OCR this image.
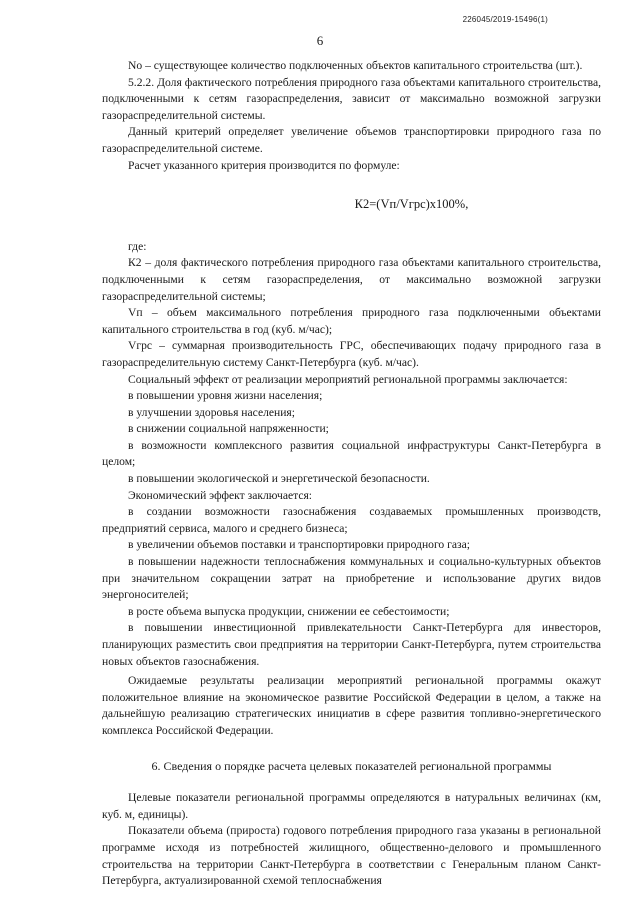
226045/2019-15496(1)
6

No – существующее количество подключенных объектов капитального строительства (шт.).

5.2.2. Доля фактического потребления природного газа объектами капитального строительства, подключенными к сетям газораспределения, зависит от максимально возможной загрузки газораспределительной системы.

Данный критерий определяет увеличение объемов транспортировки природного газа по газораспределительной системе.

Расчет указанного критерия производится по формуле:

К2=(Vп/Vгрс)х100%,

где:

К2 – доля фактического потребления природного газа объектами капитального строительства, подключенными к сетям газораспределения, от максимально возможной загрузки газораспределительной системы;

Vп – объем максимального потребления природного газа подключенными объектами капитального строительства в год (куб. м/час);

Vгрс – суммарная производительность ГРС, обеспечивающих подачу природного газа в газораспределительную систему Санкт-Петербурга (куб. м/час).

Социальный эффект от реализации мероприятий региональной программы заключается:

в повышении уровня жизни населения;

в улучшении здоровья населения;

в снижении социальной напряженности;

в возможности комплексного развития социальной инфраструктуры Санкт-Петербурга в целом;

в повышении экологической и энергетической безопасности.

Экономический эффект заключается:

в создании возможности газоснабжения создаваемых промышленных производств, предприятий сервиса, малого и среднего бизнеса;

в увеличении объемов поставки и транспортировки природного газа;

в повышении надежности теплоснабжения коммунальных и социально-культурных объектов при значительном сокращении затрат на приобретение и использование других видов энергоносителей;

в росте объема выпуска продукции, снижении ее себестоимости;

в повышении инвестиционной привлекательности Санкт-Петербурга для инвесторов, планирующих разместить свои предприятия на территории Санкт-Петербурга, путем строительства новых объектов газоснабжения.

Ожидаемые результаты реализации мероприятий региональной программы окажут положительное влияние на экономическое развитие Российской Федерации в целом, а также на дальнейшую реализацию стратегических инициатив в сфере развития топливно-энергетического комплекса Российской Федерации.

6. Сведения о порядке расчета целевых показателей региональной программы

Целевые показатели региональной программы определяются в натуральных величинах (км, куб. м, единицы).

Показатели объема (прироста) годового потребления природного газа указаны в региональной программе исходя из потребностей жилищного, общественно-делового и промышленного строительства на территории Санкт-Петербурга в соответствии с Генеральным планом Санкт-Петербурга, актуализированной схемой теплоснабжения
